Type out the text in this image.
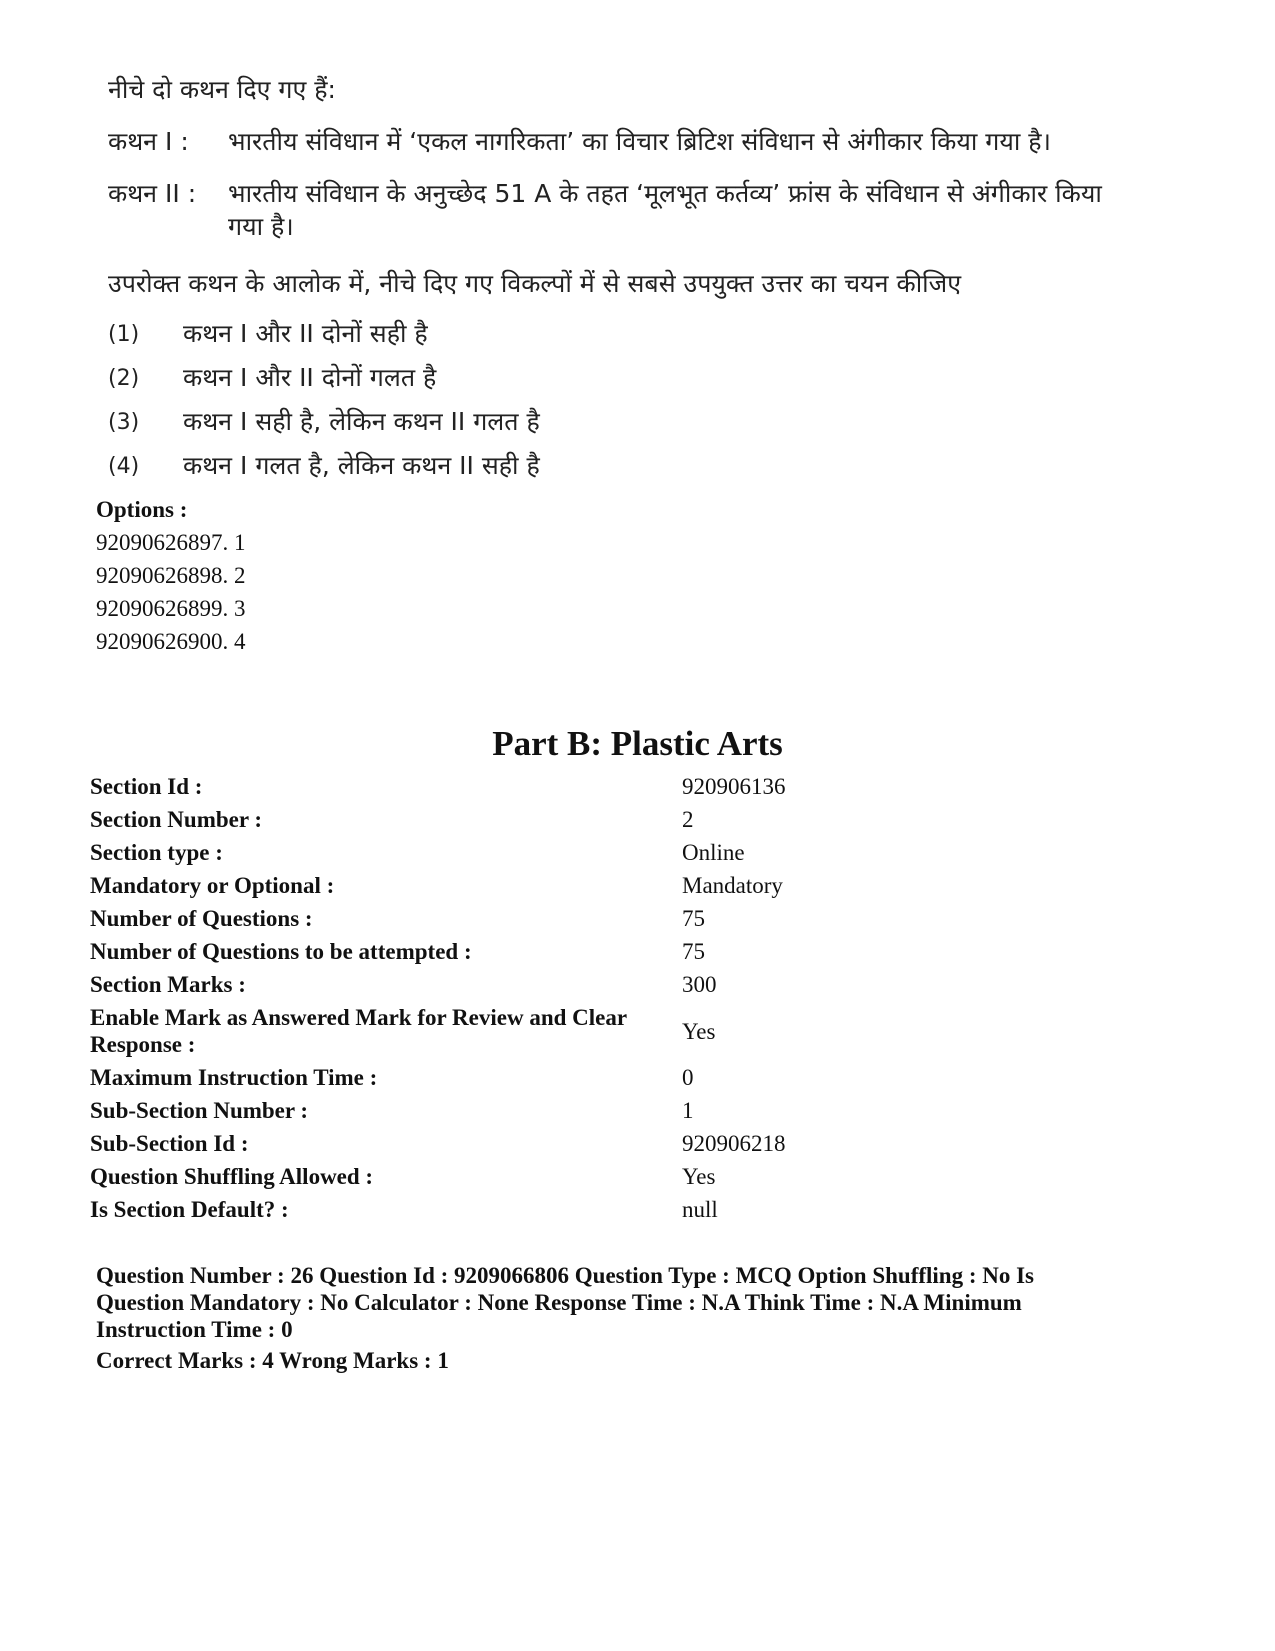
नीचे दो कथन दिए गए हैं:
कथन I : भारतीय संविधान में ‘एकल नागरिकता’ का विचार ब्रिटिश संविधान से अंगीकार किया गया है।
कथन II : भारतीय संविधान के अनुच्छेद 51 A के तहत ‘मूलभूत कर्तव्य’ फ्रांस के संविधान से अंगीकार किया गया है।
उपरोक्त कथन के आलोक में, नीचे दिए गए विकल्पों में से सबसे उपयुक्त उत्तर का चयन कीजिए
(1) कथन I और II दोनों सही है
(2) कथन I और II दोनों गलत है
(3) कथन I सही है, लेकिन कथन II गलत है
(4) कथन I गलत है, लेकिन कथन II सही है
Options :
92090626897. 1
92090626898. 2
92090626899. 3
92090626900. 4
Part B: Plastic Arts
Section Id :	920906136
Section Number :	2
Section type :	Online
Mandatory or Optional :	Mandatory
Number of Questions :	75
Number of Questions to be attempted :	75
Section Marks :	300
Enable Mark as Answered Mark for Review and Clear Response :	Yes
Maximum Instruction Time :	0
Sub-Section Number :	1
Sub-Section Id :	920906218
Question Shuffling Allowed :	Yes
Is Section Default? :	null
Question Number : 26 Question Id : 9209066806 Question Type : MCQ Option Shuffling : No Is Question Mandatory : No Calculator : None Response Time : N.A Think Time : N.A Minimum Instruction Time : 0
Correct Marks : 4 Wrong Marks : 1
